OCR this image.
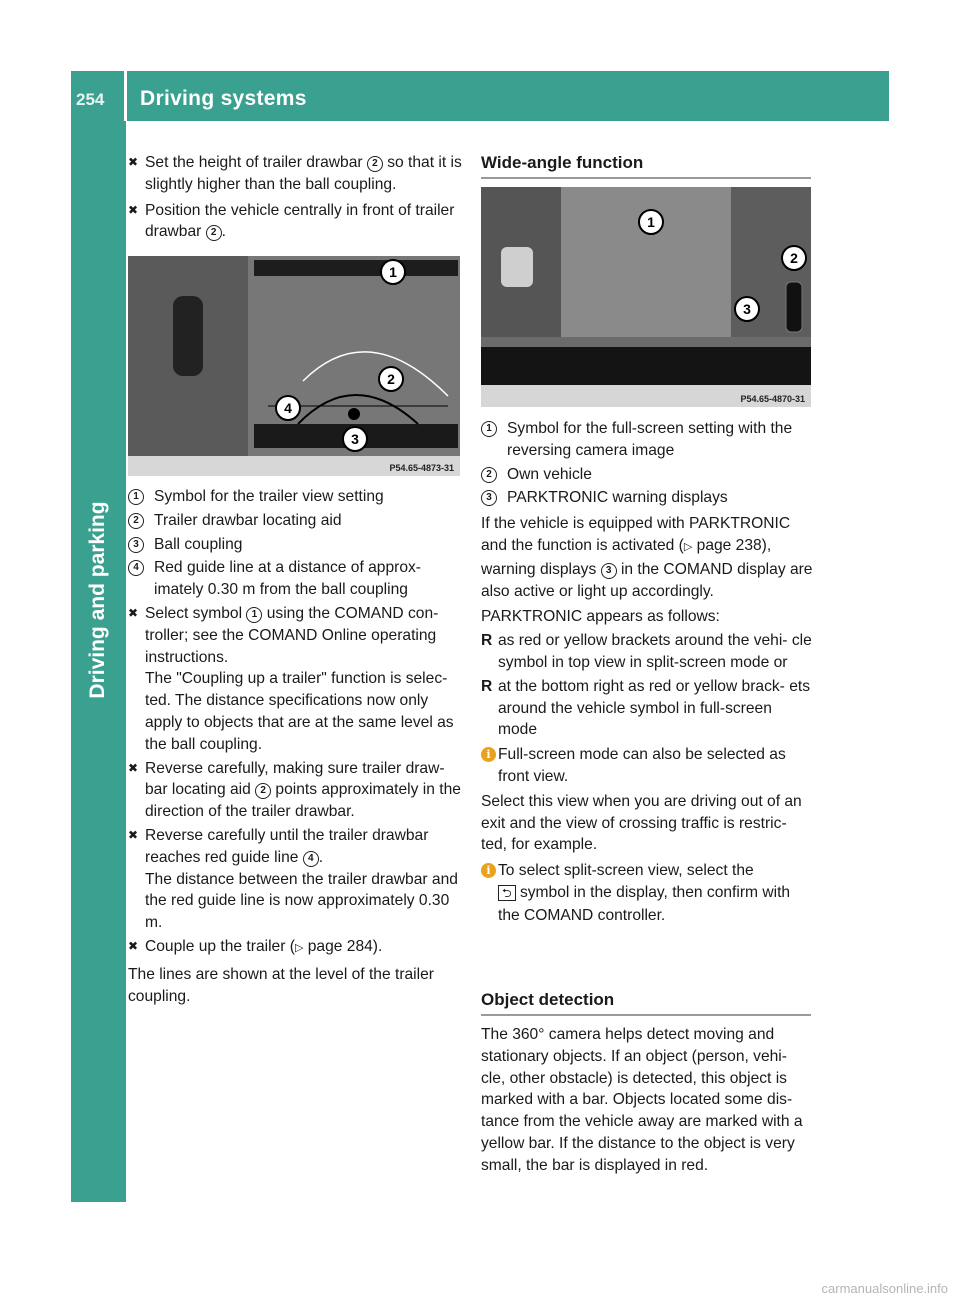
254 Driving systems
Driving and parking

✖ Set the height of trailer drawbar 2 so that it is slightly higher than the ball coupling.

✖ Position the vehicle centrally in front of trailer drawbar 2 .

1
2
3
4
P54.65-4873-31

1 Symbol for the trailer view setting

2 Trailer drawbar locating aid

3 Ball coupling

4 Red guide line at a distance of approx- imately 0.30 m from the ball coupling

✖ Select symbol 1 using the COMAND con- troller; see the COMAND Online operating instructions.

The "Coupling up a trailer" function is selec- ted. The distance specifications now only apply to objects that are at the same level as the ball coupling.

✖ Reverse carefully, making sure trailer draw- bar locating aid 2 points approximately in the direction of the trailer drawbar.

✖ Reverse carefully until the trailer drawbar reaches red guide line 4 .

The distance between the trailer drawbar and the red guide line is now approximately 0.30 m.

✖ Couple up the trailer (▷ page 284).

The lines are shown at the level of the trailer coupling.

Wide-angle function

1
2
3
P54.65-4870-31

1 Symbol for the full-screen setting with the reversing camera image

2 Own vehicle

3 PARKTRONIC warning displays

If the vehicle is equipped with PARKTRONIC and the function is activated (▷ page 238), warning displays 3 in the COMAND display are also active or light up accordingly.

PARKTRONIC appears as follows:

R as red or yellow brackets around the vehi- cle symbol in top view in split-screen mode or

R at the bottom right as red or yellow brack- ets around the vehicle symbol in full-screen mode

i Full-screen mode can also be selected as front view.

Select this view when you are driving out of an exit and the view of crossing traffic is restric- ted, for example.

i To select split-screen view, select the
⮌ symbol in the display, then confirm with the COMAND controller.

Object detection

The 360° camera helps detect moving and stationary objects. If an object (person, vehi- cle, other obstacle) is detected, this object is marked with a bar. Objects located some dis- tance from the vehicle away are marked with a yellow bar. If the distance to the object is very small, the bar is displayed in red.

carmanualsonline.info
